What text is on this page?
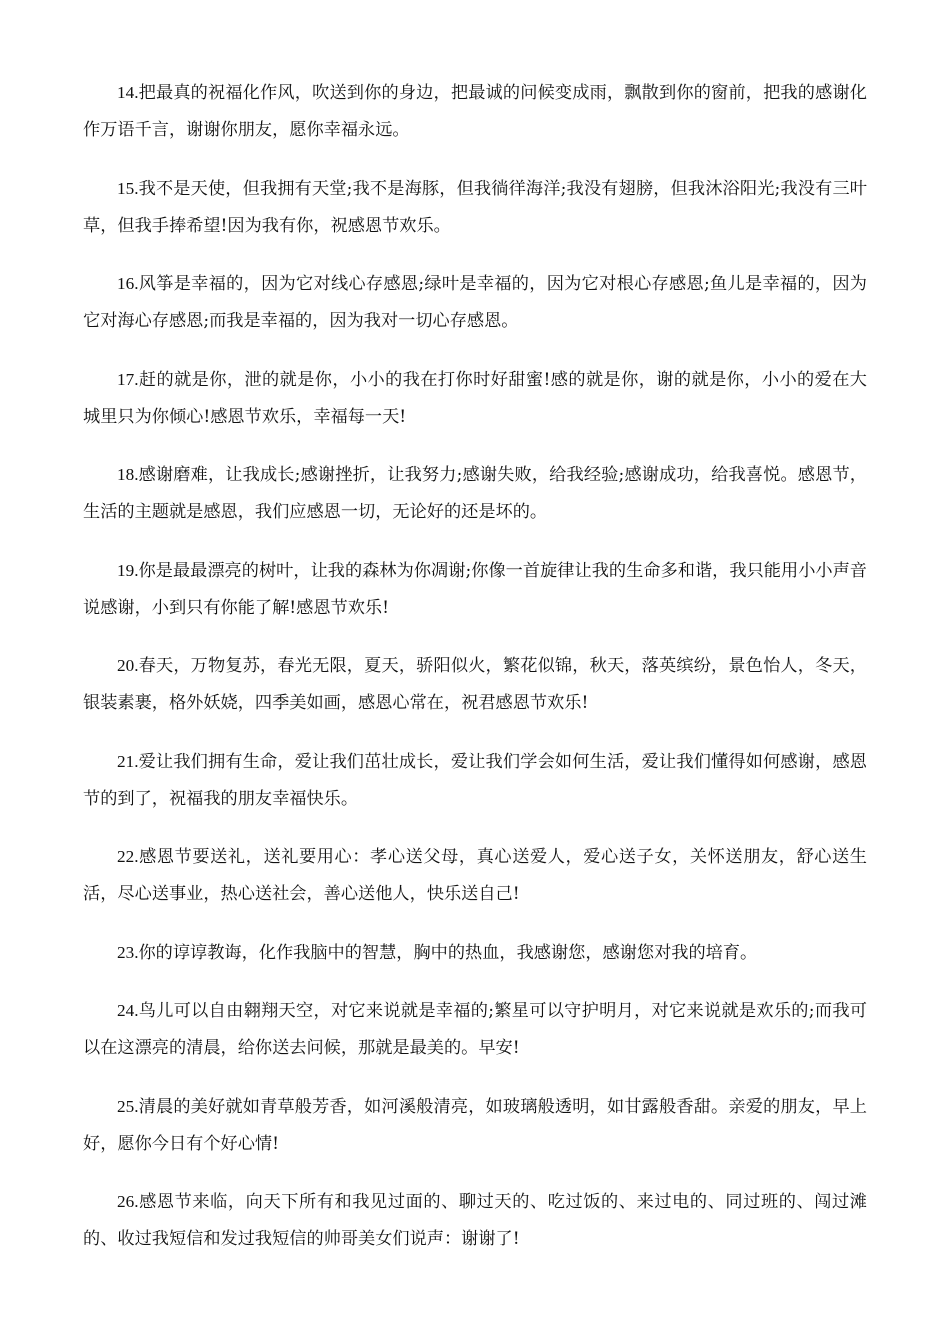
14.把最真的祝福化作风，吹送到你的身边，把最诚的问候变成雨，飘散到你的窗前，把我的感谢化作万语千言，谢谢你朋友，愿你幸福永远。

15.我不是天使，但我拥有天堂;我不是海豚，但我徜徉海洋;我没有翅膀，但我沐浴阳光;我没有三叶草，但我手捧希望!因为我有你，祝感恩节欢乐。

16.风筝是幸福的，因为它对线心存感恩;绿叶是幸福的，因为它对根心存感恩;鱼儿是幸福的，因为它对海心存感恩;而我是幸福的，因为我对一切心存感恩。

17.赶的就是你，泄的就是你，小小的我在打你时好甜蜜!感的就是你，谢的就是你，小小的爱在大城里只为你倾心!感恩节欢乐，幸福每一天!

18.感谢磨难，让我成长;感谢挫折，让我努力;感谢失败，给我经验;感谢成功，给我喜悦。感恩节，生活的主题就是感恩，我们应感恩一切，无论好的还是坏的。

19.你是最最漂亮的树叶，让我的森林为你凋谢;你像一首旋律让我的生命多和谐，我只能用小小声音说感谢，小到只有你能了解!感恩节欢乐!

20.春天，万物复苏，春光无限，夏天，骄阳似火，繁花似锦，秋天，落英缤纷，景色怡人，冬天，银装素裹，格外妖娆，四季美如画，感恩心常在，祝君感恩节欢乐!

21.爱让我们拥有生命，爱让我们茁壮成长，爱让我们学会如何生活，爱让我们懂得如何感谢，感恩节的到了，祝福我的朋友幸福快乐。

22.感恩节要送礼，送礼要用心：孝心送父母，真心送爱人，爱心送子女，关怀送朋友，舒心送生活，尽心送事业，热心送社会，善心送他人，快乐送自己!

23.你的谆谆教诲，化作我脑中的智慧，胸中的热血，我感谢您，感谢您对我的培育。

24.鸟儿可以自由翱翔天空，对它来说就是幸福的;繁星可以守护明月，对它来说就是欢乐的;而我可以在这漂亮的清晨，给你送去问候，那就是最美的。早安!

25.清晨的美好就如青草般芳香，如河溪般清亮，如玻璃般透明，如甘露般香甜。亲爱的朋友，早上好，愿你今日有个好心情!

26.感恩节来临，向天下所有和我见过面的、聊过天的、吃过饭的、来过电的、同过班的、闯过滩的、收过我短信和发过我短信的帅哥美女们说声：谢谢了!
